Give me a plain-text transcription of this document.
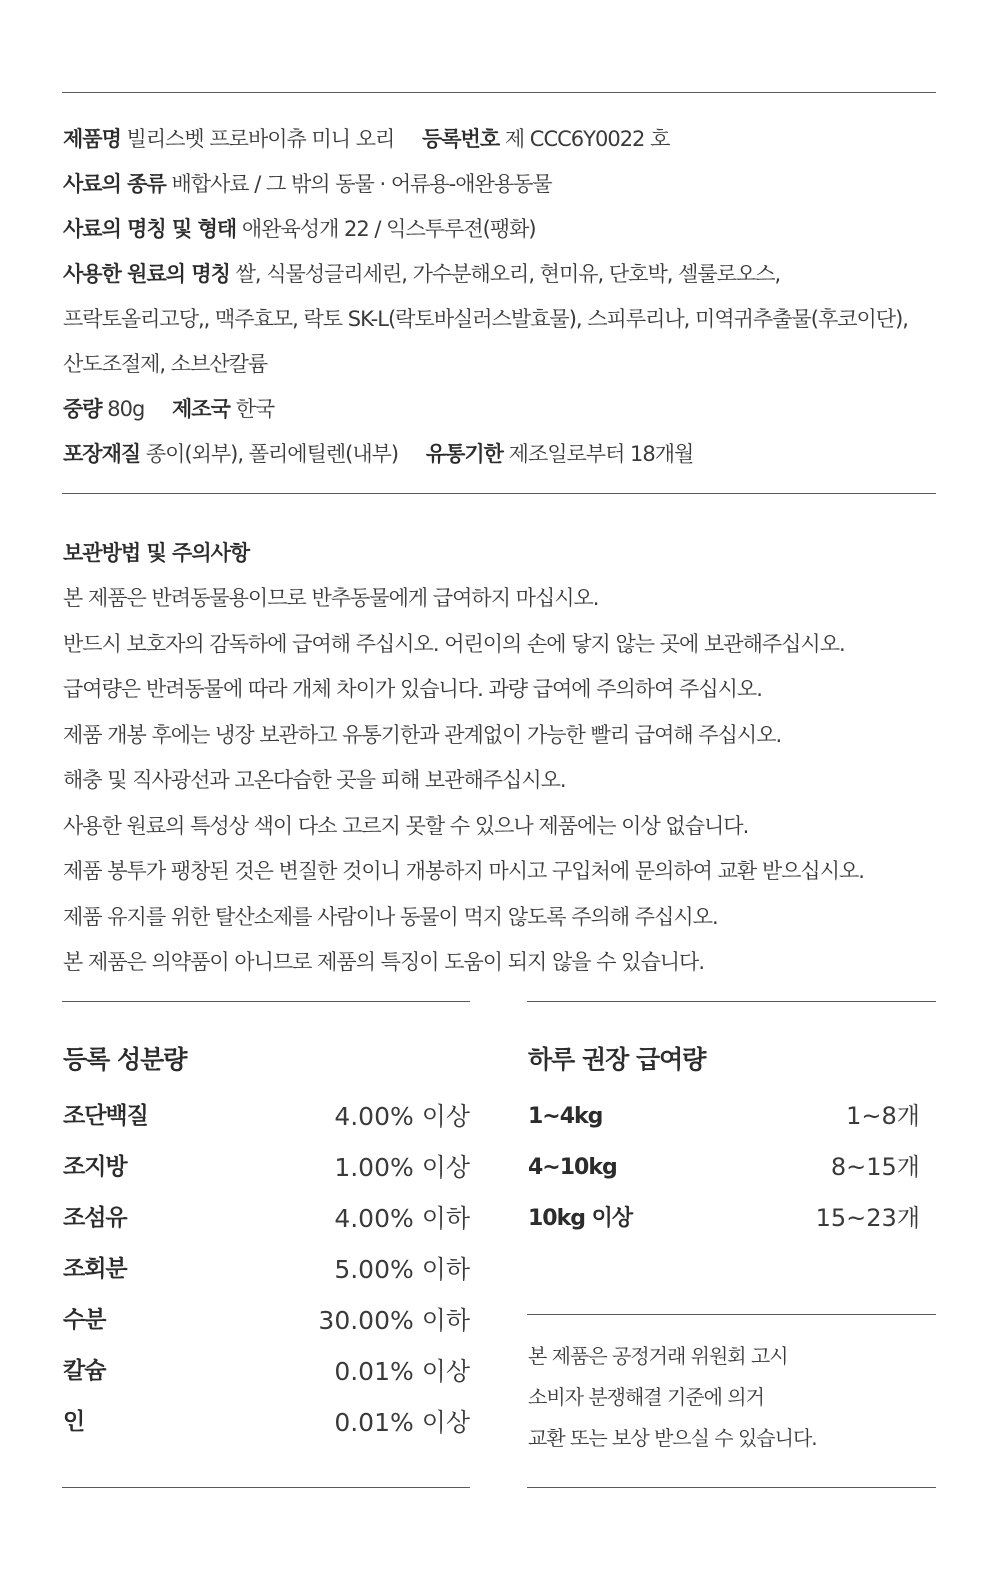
제품명 빌리스벳 프로바이츄 미니 오리 등록번호 제 CCC6Y0022 호
사료의 종류 배합사료 / 그 밖의 동물 · 어류용-애완용동물
사료의 명칭 및 형태 애완육성개 22 / 익스투루젼(팽화)
사용한 원료의 명칭 쌀, 식물성글리세린, 가수분해오리, 현미유, 단호박, 셀룰로오스,
프락토올리고당,, 맥주효모, 락토 SK-L(락토바실러스발효물), 스피루리나, 미역귀추출물(후코이단),
산도조절제, 소브산칼륨
중량 80g 제조국 한국
포장재질 종이(외부), 폴리에틸렌(내부) 유통기한 제조일로부터 18개월
보관방법 및 주의사항
본 제품은 반려동물용이므로 반추동물에게 급여하지 마십시오.
반드시 보호자의 감독하에 급여해 주십시오. 어린이의 손에 닿지 않는 곳에 보관해주십시오.
급여량은 반려동물에 따라 개체 차이가 있습니다. 과량 급여에 주의하여 주십시오.
제품 개봉 후에는 냉장 보관하고 유통기한과 관계없이 가능한 빨리 급여해 주십시오.
해충 및 직사광선과 고온다습한 곳을 피해 보관해주십시오.
사용한 원료의 특성상 색이 다소 고르지 못할 수 있으나 제품에는 이상 없습니다.
제품 봉투가 팽창된 것은 변질한 것이니 개봉하지 마시고 구입처에 문의하여 교환 받으십시오.
제품 유지를 위한 탈산소제를 사람이나 동물이 먹지 않도록 주의해 주십시오.
본 제품은 의약품이 아니므로 제품의 특징이 도움이 되지 않을 수 있습니다.
등록 성분량	하루 권장 급여량
조단백질	4.00% 이상
조지방	1.00% 이상
조섬유	4.00% 이하
조회분	5.00% 이하
수분	30.00% 이하
칼슘	0.01% 이상
인	0.01% 이상
1~4kg	1~8개
4~10kg	8~15개
10kg 이상	15~23개
본 제품은 공정거래 위원회 고시
소비자 분쟁해결 기준에 의거
교환 또는 보상 받으실 수 있습니다.
